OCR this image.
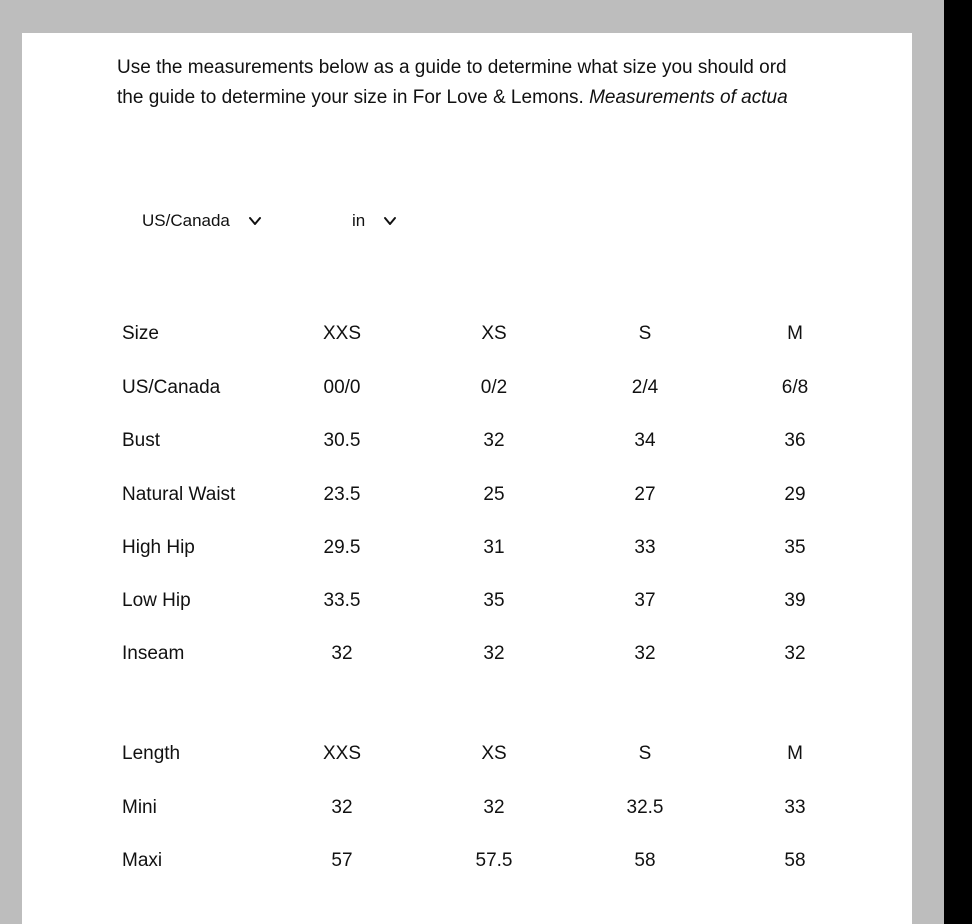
Use the measurements below as a guide to determine what size you should ord
the guide to determine your size in For Love & Lemons. Measurements of actua
US/Canada	in
Size	XXS	XS	S	M
US/Canada	00/0	0/2	2/4	6/8
Bust	30.5	32	34	36
Natural Waist	23.5	25	27	29
High Hip	29.5	31	33	35
Low Hip	33.5	35	37	39
Inseam	32	32	32	32
Length	XXS	XS	S	M
Mini	32	32	32.5	33
Maxi	57	57.5	58	58
